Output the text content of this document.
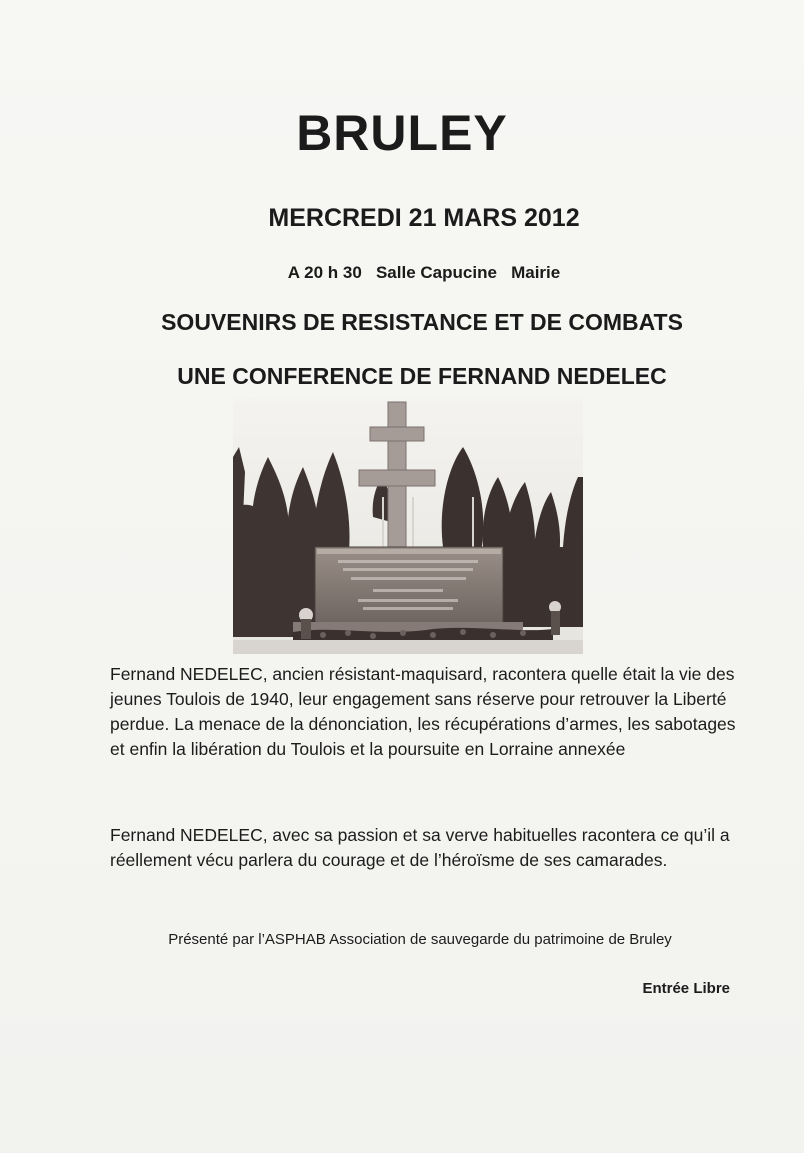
BRULEY
MERCREDI 21 MARS 2012
A 20 h 30   Salle Capucine   Mairie
SOUVENIRS DE RESISTANCE ET DE COMBATS
UNE CONFERENCE DE FERNAND NEDELEC
Fernand NEDELEC, ancien résistant-maquisard, racontera quelle était la vie des jeunes Toulois de 1940, leur engagement sans réserve pour retrouver la Liberté perdue. La menace de la dénonciation, les récupérations d’armes, les sabotages et enfin la libération du Toulois et la poursuite en Lorraine annexée
Fernand NEDELEC, avec sa passion et sa verve habituelles racontera ce qu’il a réellement vécu parlera du courage et de l’héroïsme de ses camarades.
Présenté par l’ASPHAB Association de sauvegarde du patrimoine de Bruley
Entrée Libre
